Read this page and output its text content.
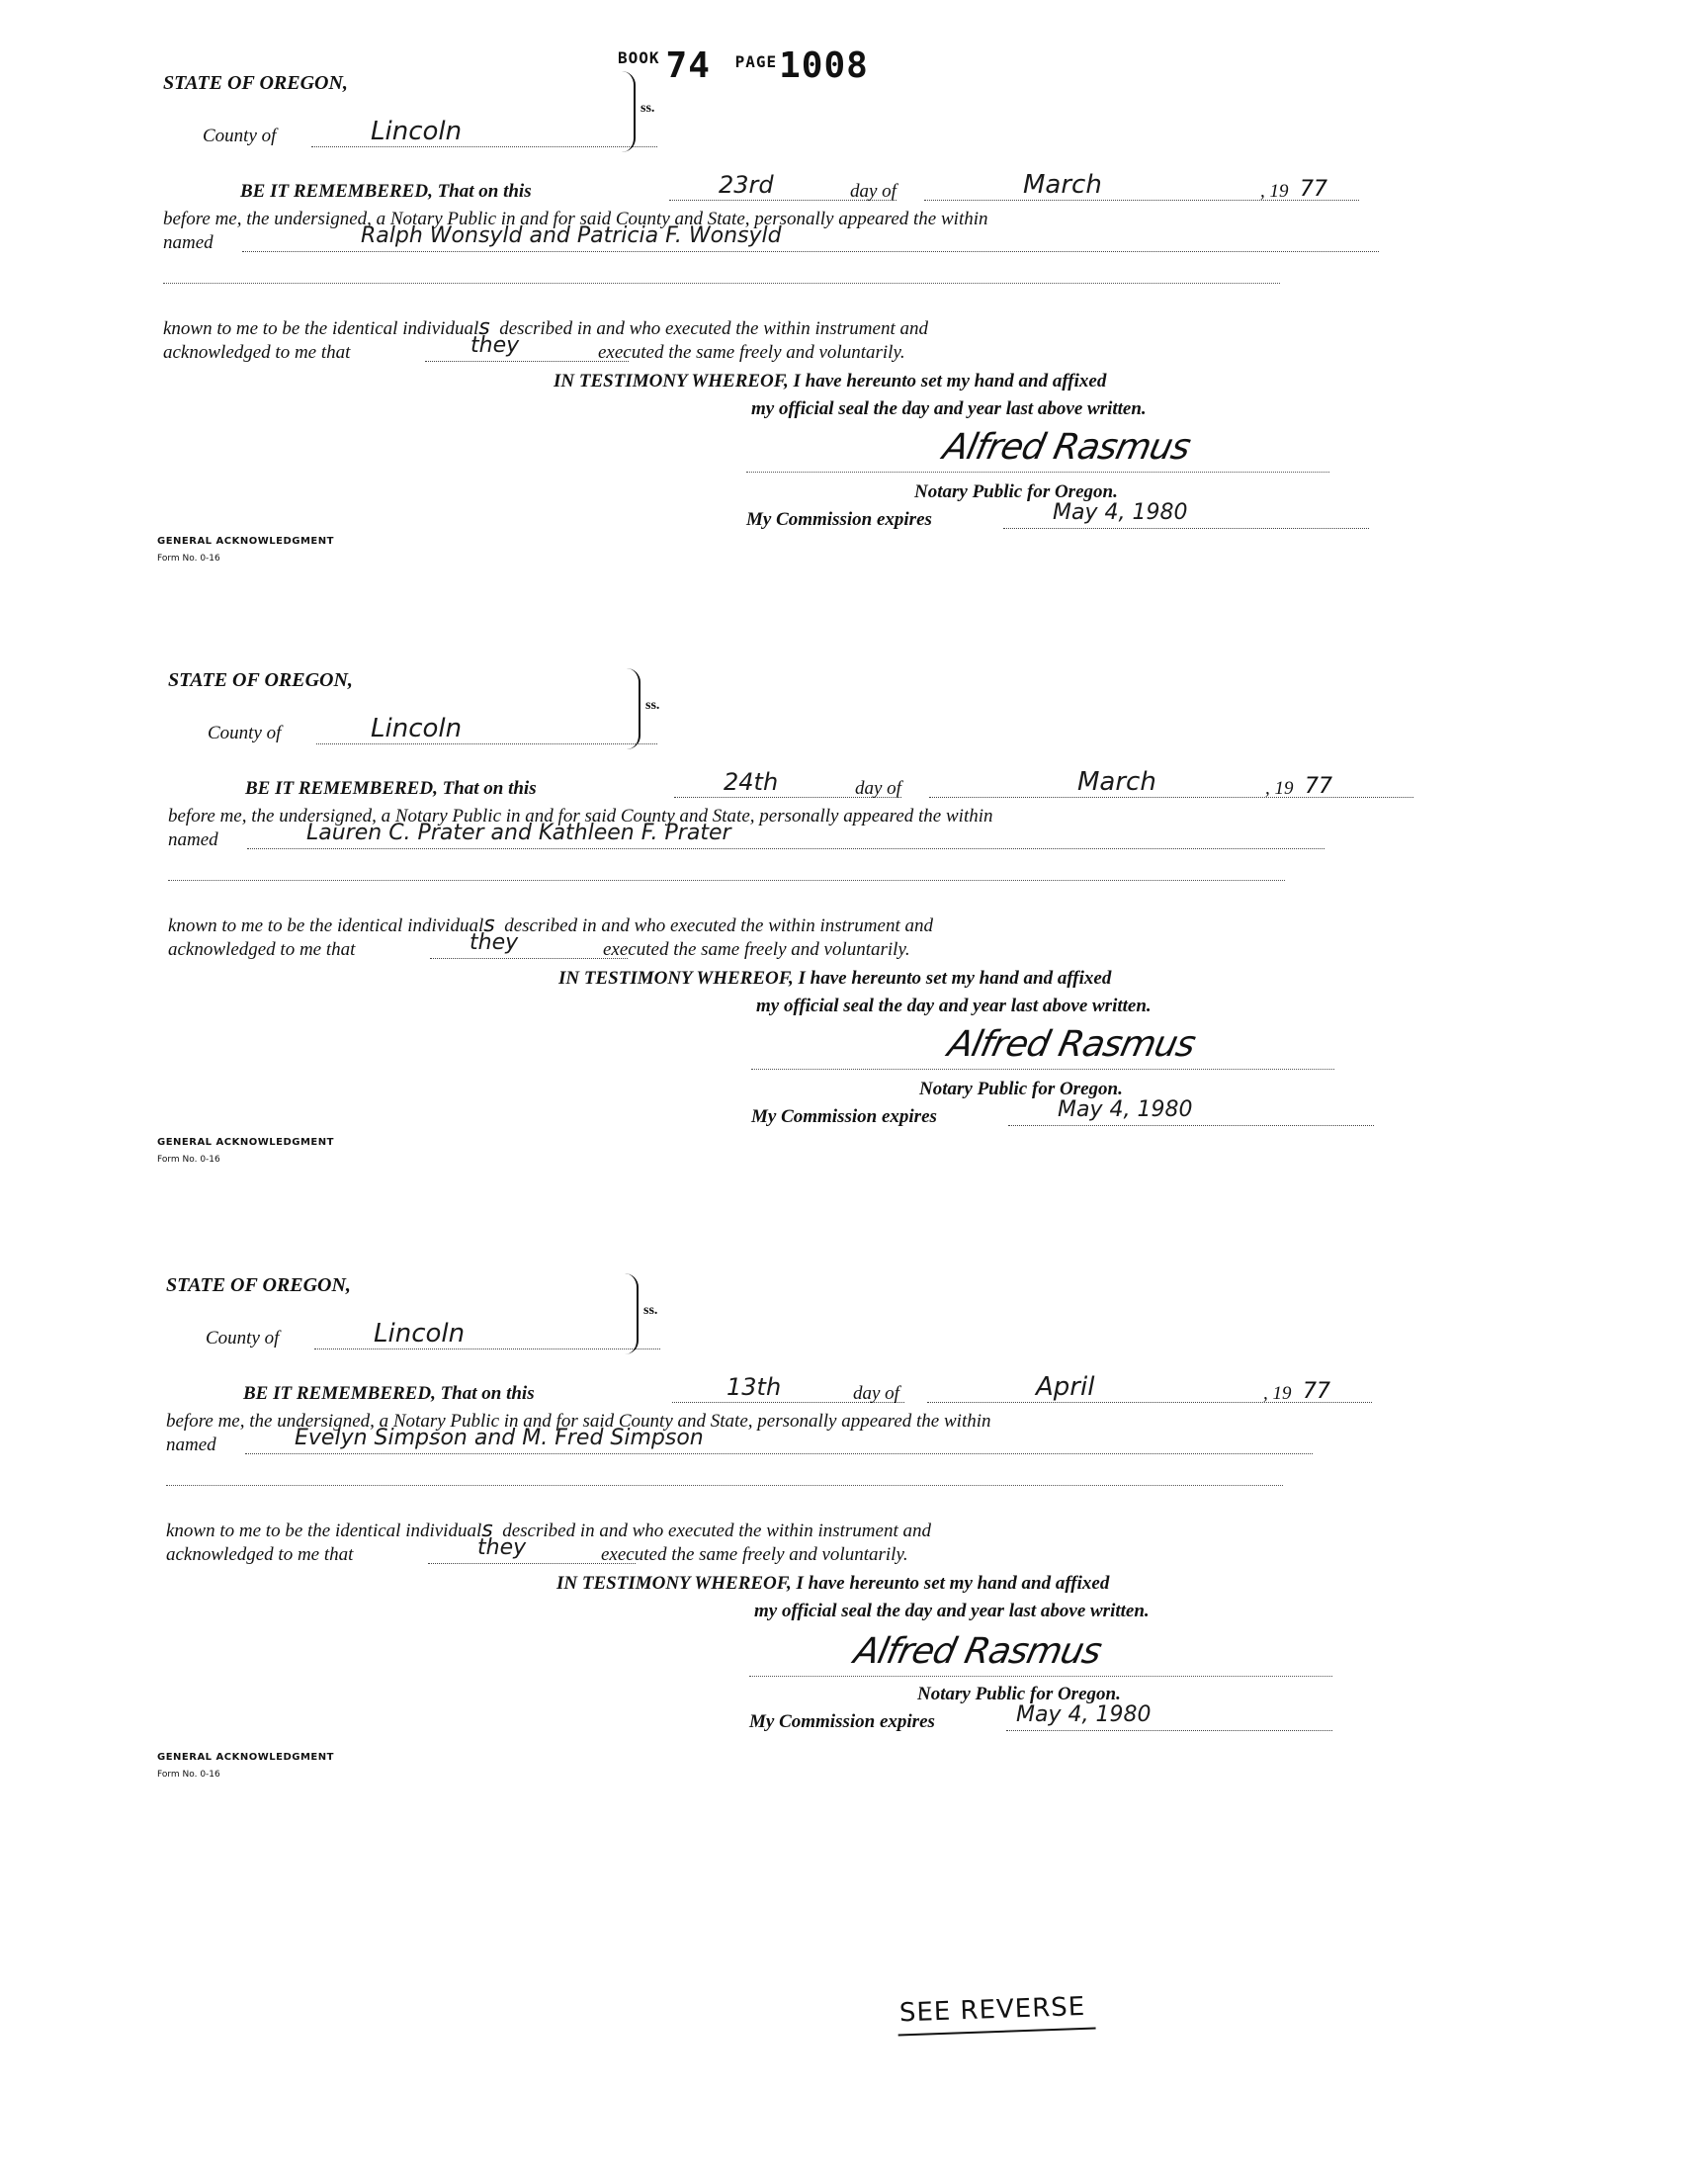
$^{BOOK}$ 74 $^{PAGE}$1008
STATE OF OREGON,
County of	Lincoln
ss.
BE IT REMEMBERED, That on this	23rd	day of	March	, 19 77
before me, the undersigned, a Notary Public in and for said County and State, personally appeared the within
named	Ralph Wonsyld and Patricia F. Wonsyld
known to me to be the identical individuals described in and who executed the within instrument and
acknowledged to me that	they	executed the same freely and voluntarily.
IN TESTIMONY WHEREOF, I have hereunto set my hand and affixed
my official seal the day and year last above written.
Alfred Rasmus
Notary Public for Oregon.
My Commission expires	May 4, 1980
GENERAL ACKNOWLEDGMENT
Form No. 0-16
STATE OF OREGON,
County of	Lincoln
ss.
BE IT REMEMBERED, That on this	24th	day of	March	, 19 77
before me, the undersigned, a Notary Public in and for said County and State, personally appeared the within
named	Lauren C. Prater and Kathleen F. Prater
known to me to be the identical individuals described in and who executed the within instrument and
acknowledged to me that	they	executed the same freely and voluntarily.
IN TESTIMONY WHEREOF, I have hereunto set my hand and affixed
my official seal the day and year last above written.
Alfred Rasmus
Notary Public for Oregon.
My Commission expires	May 4, 1980
GENERAL ACKNOWLEDGMENT
Form No. 0-16
STATE OF OREGON,
County of	Lincoln
ss.
BE IT REMEMBERED, That on this	13th	day of	April	, 19 77
before me, the undersigned, a Notary Public in and for said County and State, personally appeared the within
named	Evelyn Simpson and M. Fred Simpson
known to me to be the identical individuals described in and who executed the within instrument and
acknowledged to me that	they	executed the same freely and voluntarily.
IN TESTIMONY WHEREOF, I have hereunto set my hand and affixed
my official seal the day and year last above written.
Alfred Rasmus
Notary Public for Oregon.
My Commission expires	May 4, 1980
GENERAL ACKNOWLEDGMENT
Form No. 0-16
SEE REVERSE
